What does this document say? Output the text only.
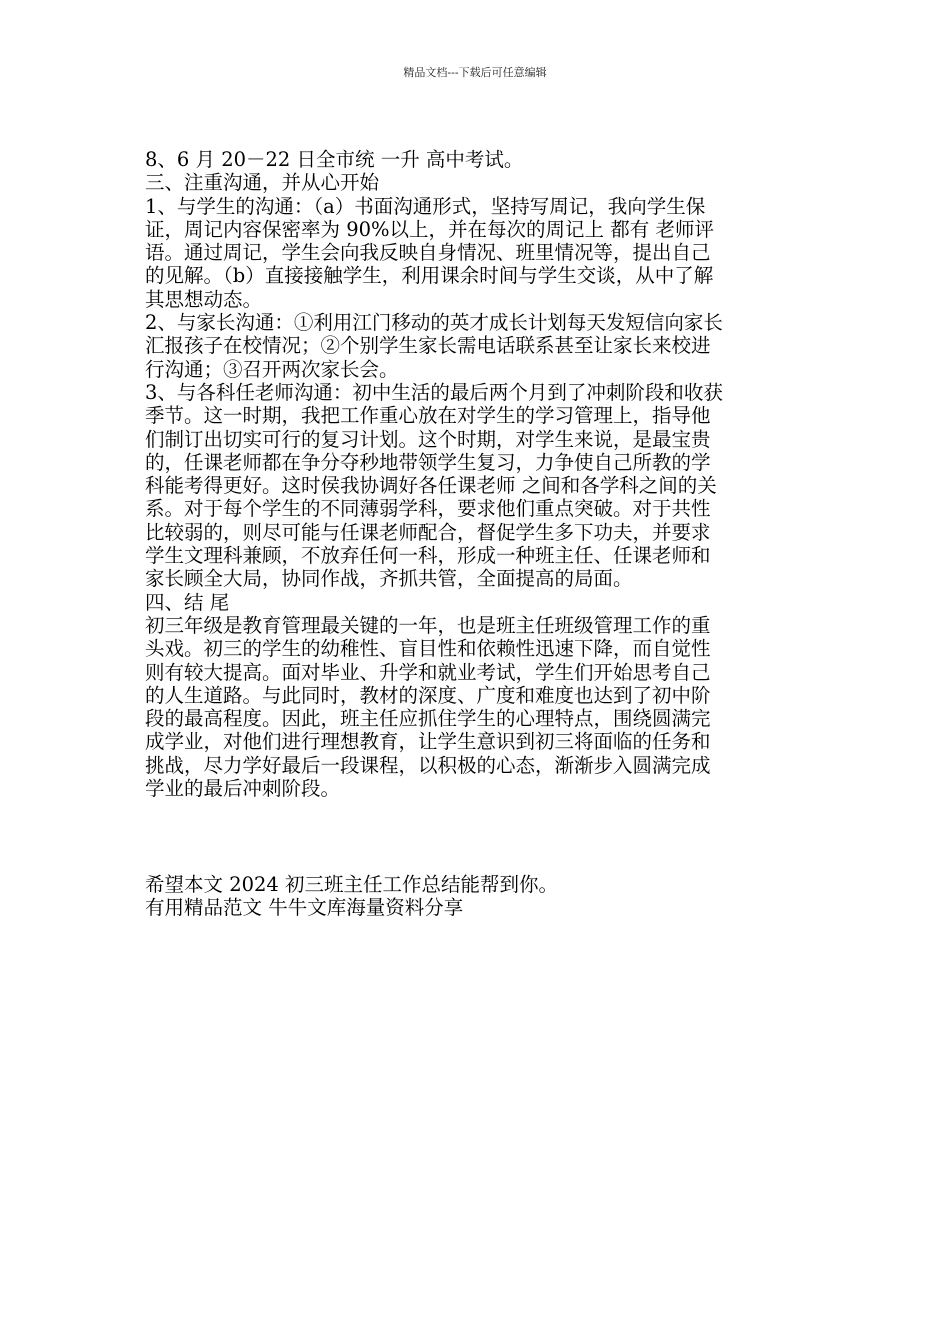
精品文档---下载后可任意编辑
8、6 月 20－22 日全市统 一升 高中考试。
三、注重沟通，并从心开始
1、与学生的沟通：（a）书面沟通形式，坚持写周记，我向学生保
证，周记内容保密率为 90%以上，并在每次的周记上 都有 老师评
语。通过周记，学生会向我反映自身情况、班里情况等，提出自己
的见解。（b）直接接触学生，利用课余时间与学生交谈，从中了解
其思想动态。
2、与家长沟通：①利用江门移动的英才成长计划每天发短信向家长
汇报孩子在校情况；②个别学生家长需电话联系甚至让家长来校进
行沟通；③召开两次家长会。
3、与各科任老师沟通：初中生活的最后两个月到了冲刺阶段和收获
季节。这一时期，我把工作重心放在对学生的学习管理上，指导他
们制订出切实可行的复习计划。这个时期，对学生来说，是最宝贵
的，任课老师都在争分夺秒地带领学生复习，力争使自己所教的学
科能考得更好。这时侯我协调好各任课老师 之间和各学科之间的关
系。对于每个学生的不同薄弱学科，要求他们重点突破。对于共性
比较弱的，则尽可能与任课老师配合，督促学生多下功夫，并要求
学生文理科兼顾，不放弃任何一科，形成一种班主任、任课老师和
家长顾全大局，协同作战，齐抓共管，全面提高的局面。
四、结 尾
初三年级是教育管理最关键的一年，也是班主任班级管理工作的重
头戏。初三的学生的幼稚性、盲目性和依赖性迅速下降，而自觉性
则有较大提高。面对毕业、升学和就业考试，学生们开始思考自己
的人生道路。与此同时，教材的深度、广度和难度也达到了初中阶
段的最高程度。因此，班主任应抓住学生的心理特点，围绕圆满完
成学业，对他们进行理想教育，让学生意识到初三将面临的任务和
挑战，尽力学好最后一段课程，以积极的心态，渐渐步入圆满完成
学业的最后冲刺阶段。
希望本文 2024 初三班主任工作总结能帮到你。
有用精品范文 牛牛文库海量资料分享
